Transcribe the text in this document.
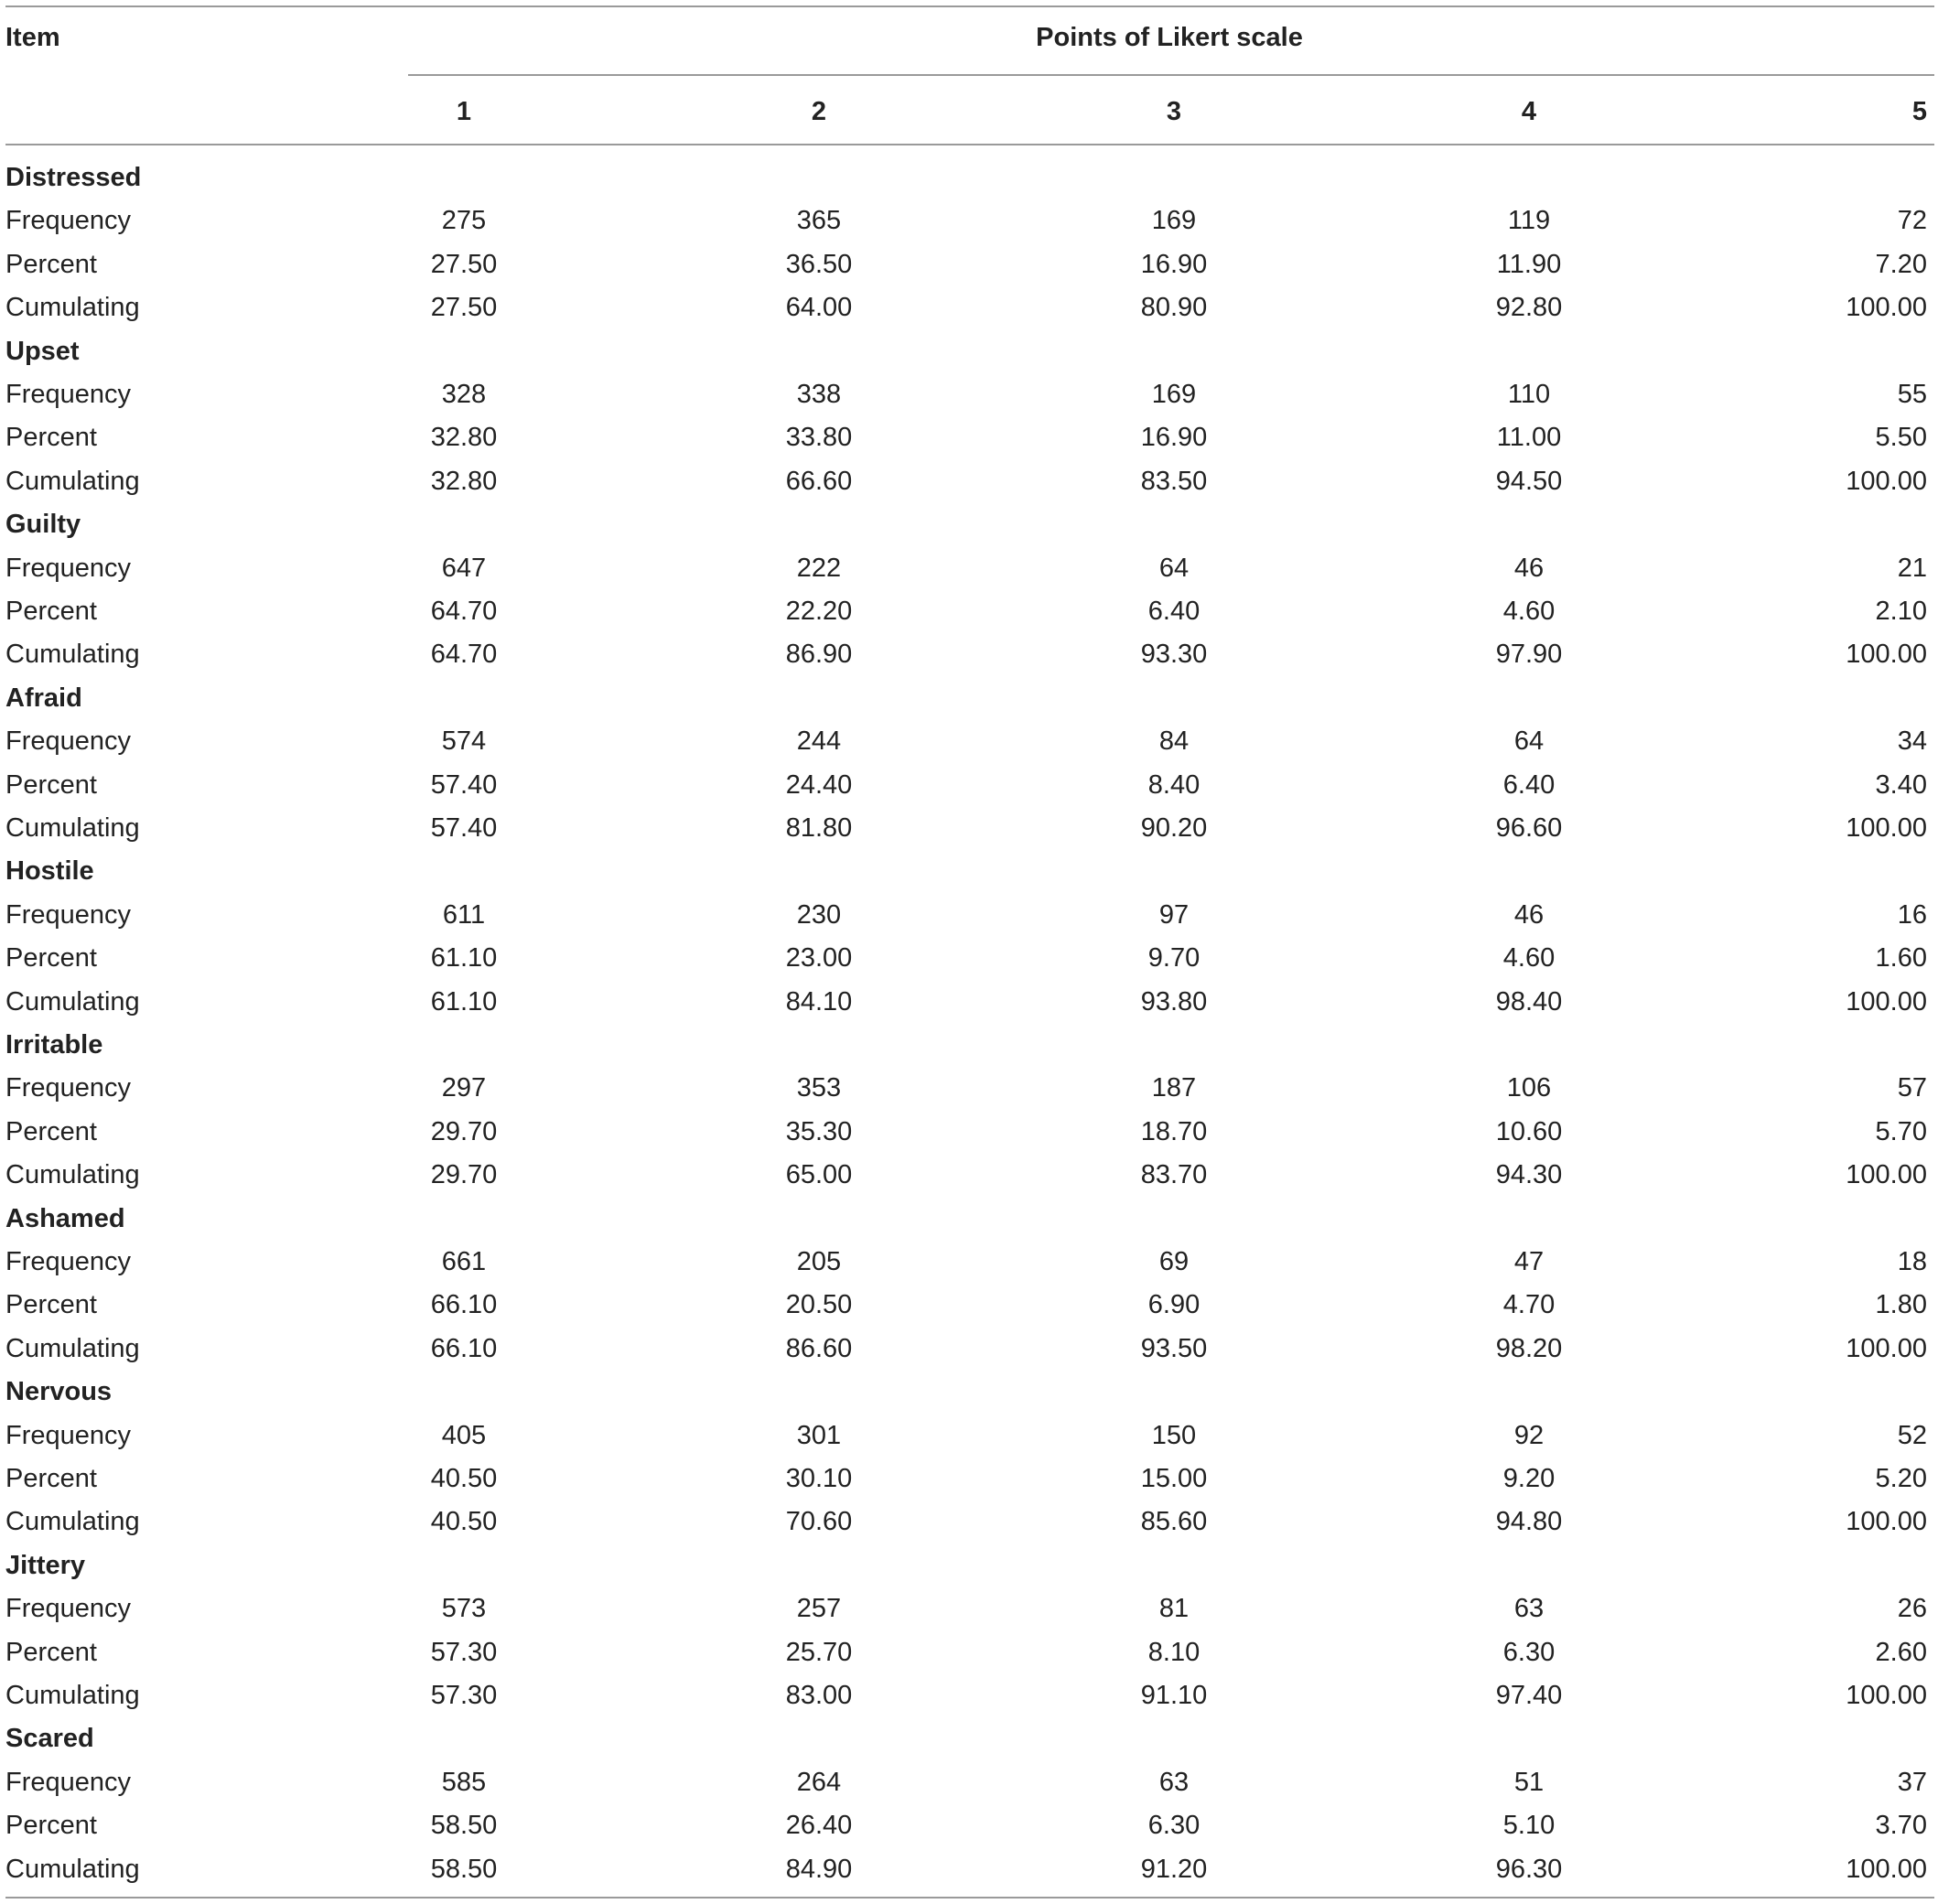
Item	Points of Likert scale
1	2	3	4	5
Distressed
Frequency	275	365	169	119	72
Percent	27.50	36.50	16.90	11.90	7.20
Cumulating	27.50	64.00	80.90	92.80	100.00
Upset
Frequency	328	338	169	110	55
Percent	32.80	33.80	16.90	11.00	5.50
Cumulating	32.80	66.60	83.50	94.50	100.00
Guilty
Frequency	647	222	64	46	21
Percent	64.70	22.20	6.40	4.60	2.10
Cumulating	64.70	86.90	93.30	97.90	100.00
Afraid
Frequency	574	244	84	64	34
Percent	57.40	24.40	8.40	6.40	3.40
Cumulating	57.40	81.80	90.20	96.60	100.00
Hostile
Frequency	611	230	97	46	16
Percent	61.10	23.00	9.70	4.60	1.60
Cumulating	61.10	84.10	93.80	98.40	100.00
Irritable
Frequency	297	353	187	106	57
Percent	29.70	35.30	18.70	10.60	5.70
Cumulating	29.70	65.00	83.70	94.30	100.00
Ashamed
Frequency	661	205	69	47	18
Percent	66.10	20.50	6.90	4.70	1.80
Cumulating	66.10	86.60	93.50	98.20	100.00
Nervous
Frequency	405	301	150	92	52
Percent	40.50	30.10	15.00	9.20	5.20
Cumulating	40.50	70.60	85.60	94.80	100.00
Jittery
Frequency	573	257	81	63	26
Percent	57.30	25.70	8.10	6.30	2.60
Cumulating	57.30	83.00	91.10	97.40	100.00
Scared
Frequency	585	264	63	51	37
Percent	58.50	26.40	6.30	5.10	3.70
Cumulating	58.50	84.90	91.20	96.30	100.00
